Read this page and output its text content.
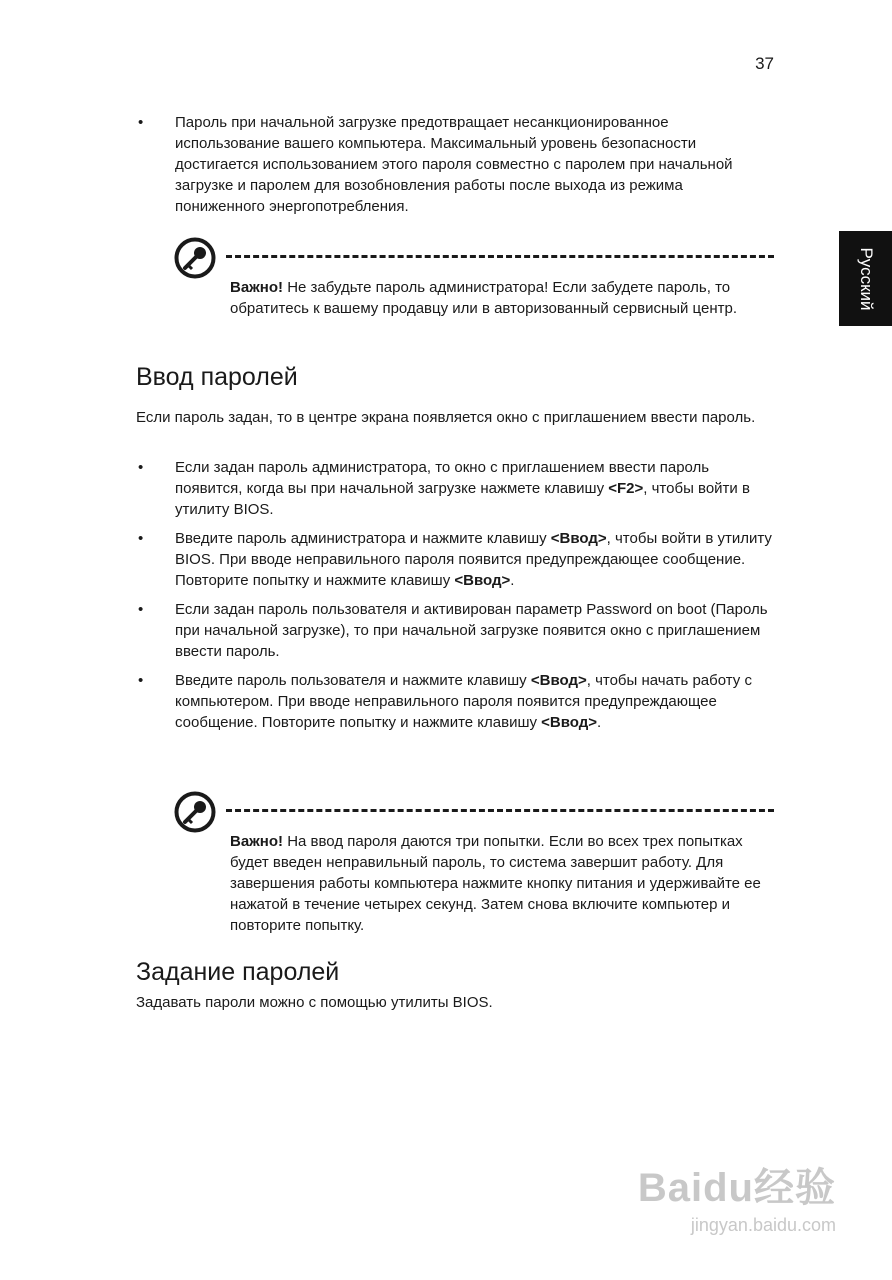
37
Русский
• Пароль при начальной загрузке предотвращает несанкционированное использование вашего компьютера. Максимальный уровень безопасности достигается использованием этого пароля совместно с паролем при начальной загрузке и паролем для возобновления работы после выхода из режима пониженного энергопотребления.
Важно! Не забудьте пароль администратора! Если забудете пароль, то обратитесь к вашему продавцу или в авторизованный сервисный центр.
Ввод паролей

Если пароль задан, то в центре экрана появляется окно с приглашением ввести пароль.

• Если задан пароль администратора, то окно с приглашением ввести пароль появится, когда вы при начальной загрузке нажмете клавишу <F2>, чтобы войти в утилиту BIOS.
• Введите пароль администратора и нажмите клавишу <Ввод>, чтобы войти в утилиту BIOS. При вводе неправильного пароля появится предупреждающее сообщение. Повторите попытку и нажмите клавишу <Ввод>.
• Если задан пароль пользователя и активирован параметр Password on boot (Пароль при начальной загрузке), то при начальной загрузке появится окно с приглашением ввести пароль.
• Введите пароль пользователя и нажмите клавишу <Ввод>, чтобы начать работу с компьютером. При вводе неправильного пароля появится предупреждающее сообщение. Повторите попытку и нажмите клавишу <Ввод>.
Важно! На ввод пароля даются три попытки. Если во всех трех попытках будет введен неправильный пароль, то система завершит работу. Для завершения работы компьютера нажмите кнопку питания и удерживайте ее нажатой в течение четырех секунд. Затем снова включите компьютер и повторите попытку.
Задание паролей

Задавать пароли можно с помощью утилиты BIOS.

Baidu经验
jingyan.baidu.com
